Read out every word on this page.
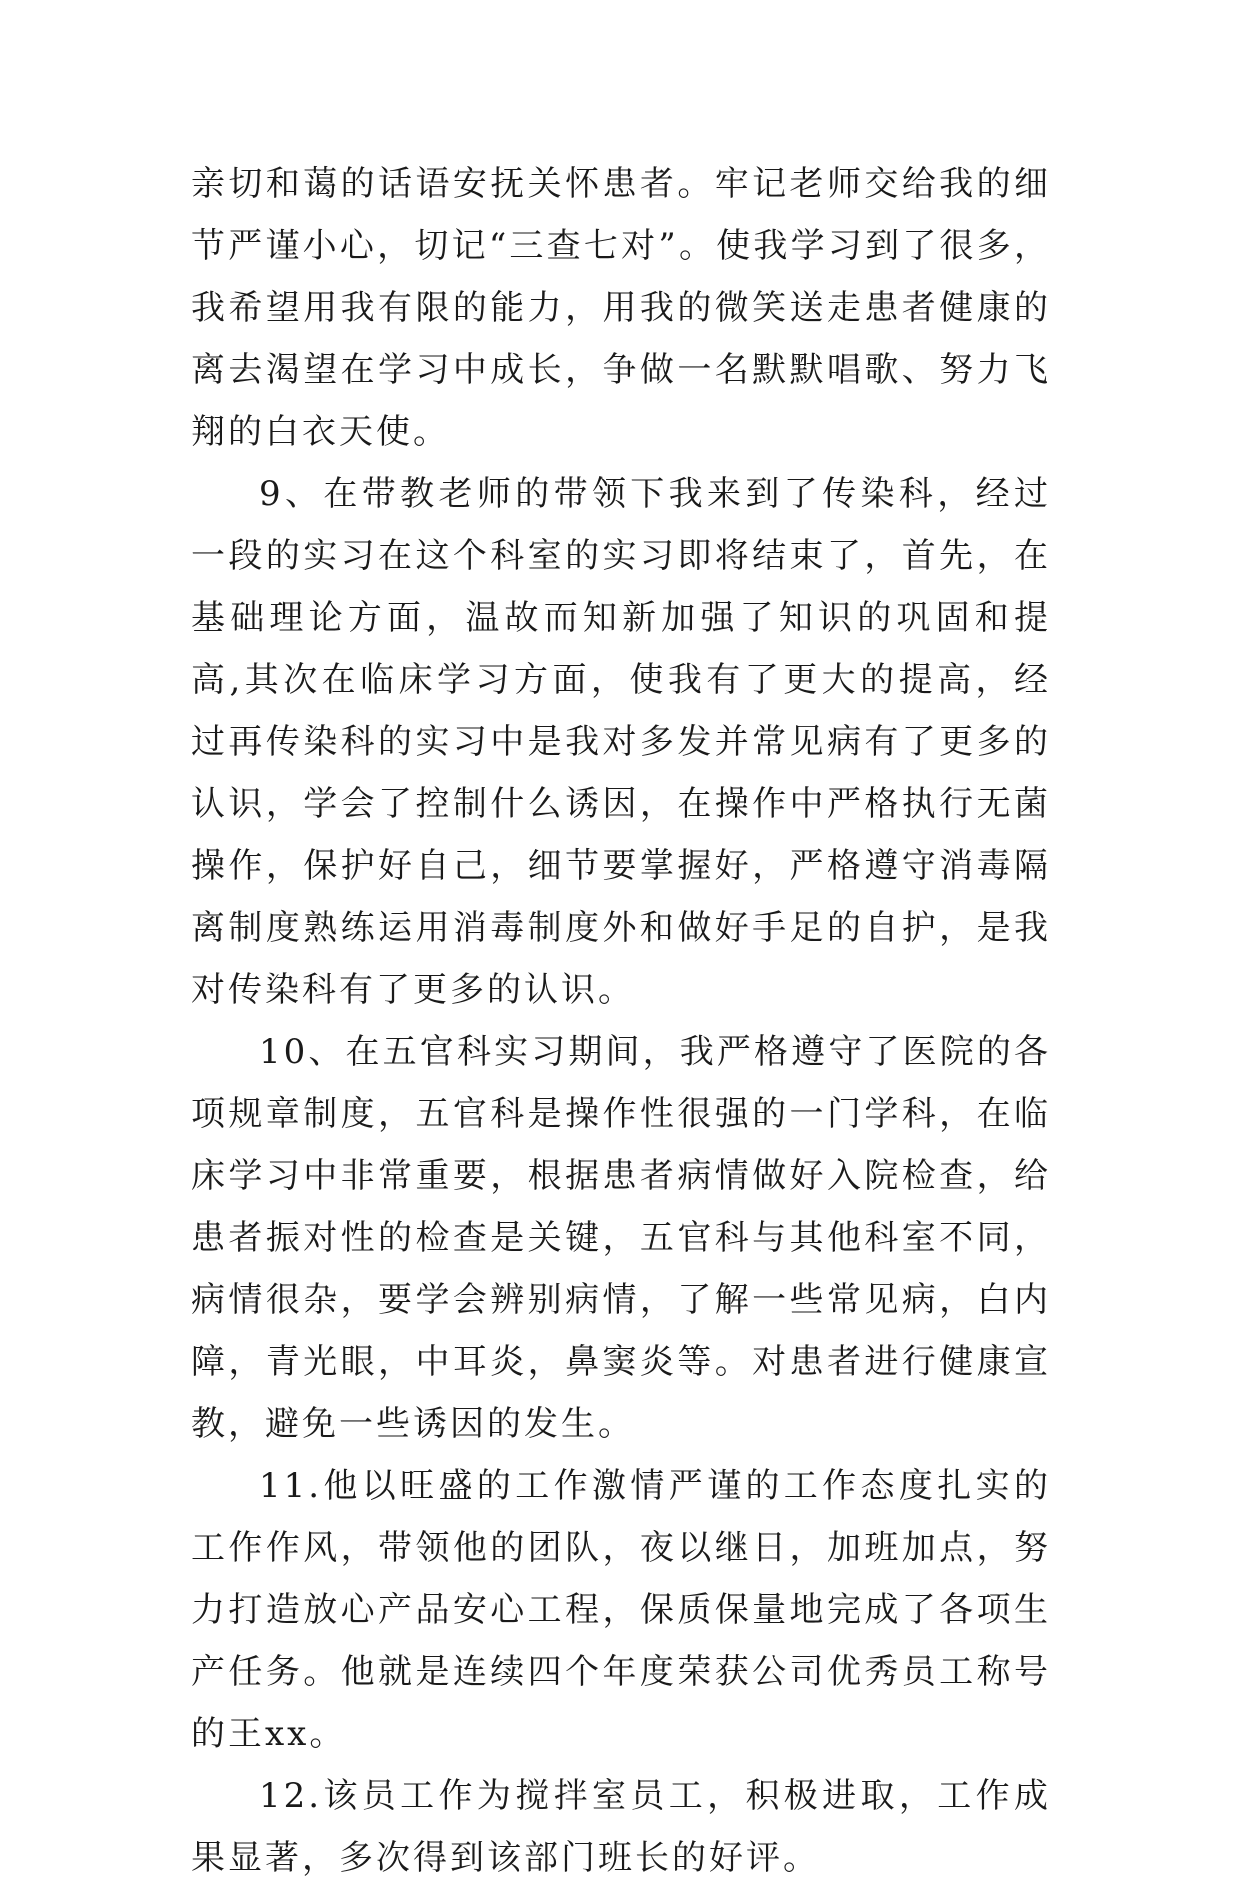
亲切和蔼的话语安抚关怀患者。牢记老师交给我的细节严谨小心，切记“三查七对”。使我学习到了很多，我希望用我有限的能力，用我的微笑送走患者健康的离去渴望在学习中成长，争做一名默默唱歌、努力飞翔的白衣天使。

9、在带教老师的带领下我来到了传染科，经过一段的实习在这个科室的实习即将结束了，首先，在基础理论方面，温故而知新加强了知识的巩固和提高,其次在临床学习方面，使我有了更大的提高，经过再传染科的实习中是我对多发并常见病有了更多的认识，学会了控制什么诱因，在操作中严格执行无菌操作，保护好自己，细节要掌握好，严格遵守消毒隔离制度熟练运用消毒制度外和做好手足的自护，是我对传染科有了更多的认识。

10、在五官科实习期间，我严格遵守了医院的各项规章制度，五官科是操作性很强的一门学科，在临床学习中非常重要，根据患者病情做好入院检查，给患者振对性的检查是关键，五官科与其他科室不同，病情很杂，要学会辨别病情，了解一些常见病，白内障，青光眼，中耳炎，鼻窦炎等。对患者进行健康宣教，避免一些诱因的发生。

11.他以旺盛的工作激情严谨的工作态度扎实的工作作风，带领他的团队，夜以继日，加班加点，努力打造放心产品安心工程，保质保量地完成了各项生产任务。他就是连续四个年度荣获公司优秀员工称号的王xx。

12.该员工作为搅拌室员工，积极进取，工作成果显著，多次得到该部门班长的好评。
